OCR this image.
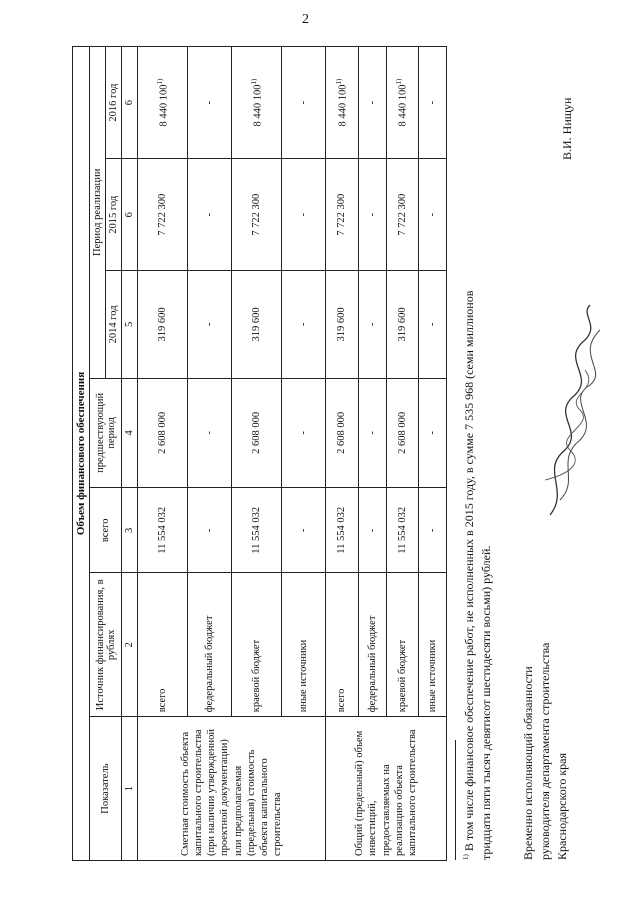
2
Объем финансового обеспечения						
Показатель	Источник финансирования, в рублях	всего	предшествующий период	Период реализации		
				2014 год	2015 год	2016 год
1	2	3	4	5	6	6
Сметная стоимость объекта капитального строительства (при наличии утвержденной проектной документации) или предполагаемая (предельная) стоимость объекта капитального строительства	всего	11 554 032	2 608 000	319 600	7 722 300	8 440 100$^{1)}$
	федеральный бюджет	-	-	-	-	-
	краевой бюджет	11 554 032	2 608 000	319 600	7 722 300	8 440 100$^{1)}$
	иные источники	-	-	-	-	-
Общий (предельный) объем инвестиций, предоставляемых на реализацию объекта капитального строительства	всего	11 554 032	2 608 000	319 600	7 722 300	8 440 100$^{1)}$
	федеральный бюджет	-	-	-	-	-
	краевой бюджет	11 554 032	2 608 000	319 600	7 722 300	8 440 100$^{1)}$
	иные источники	-	-	-	-	-
$^{1)}$ В том числе финансовое обеспечение работ, не исполненных в 2015 году, в сумме 7 535 968 (семи миллионов тридцати пяти тысяч девятисот шестидесяти восьми) рублей. Временно исполняющий обязанности руководителя департамента строительства Краснодарского края
В.И. Нищун
